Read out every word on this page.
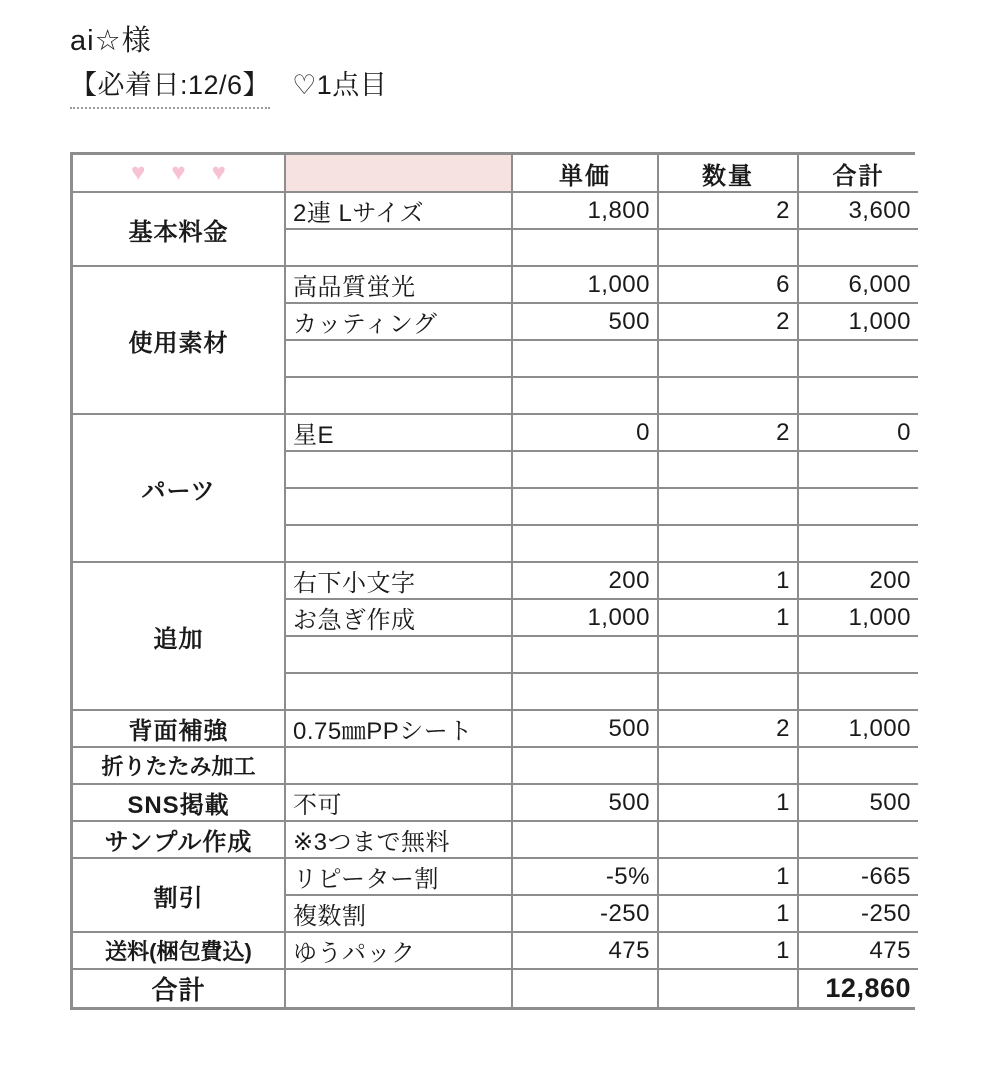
ai☆様
【必着日:12/6】 ♡1点目
♥ ♥ ♥		単価	数量	合計
基本料金	2連 Lサイズ	1,800	2	3,600

使用素材	高品質蛍光	1,000	6	6,000
	カッティング	500	2	1,000

パーツ	星E	0	2	0

追加	右下小文字	200	1	200
	お急ぎ作成	1,000	1	1,000

背面補強	0.75㎜PPシート	500	2	1,000
折りたたみ加工				
SNS掲載	不可	500	1	500
サンプル作成	※3つまで無料			
割引	リピーター割	-5%	1	-665
	複数割	-250	1	-250
送料(梱包費込)	ゆうパック	475	1	475
合計				12,860
